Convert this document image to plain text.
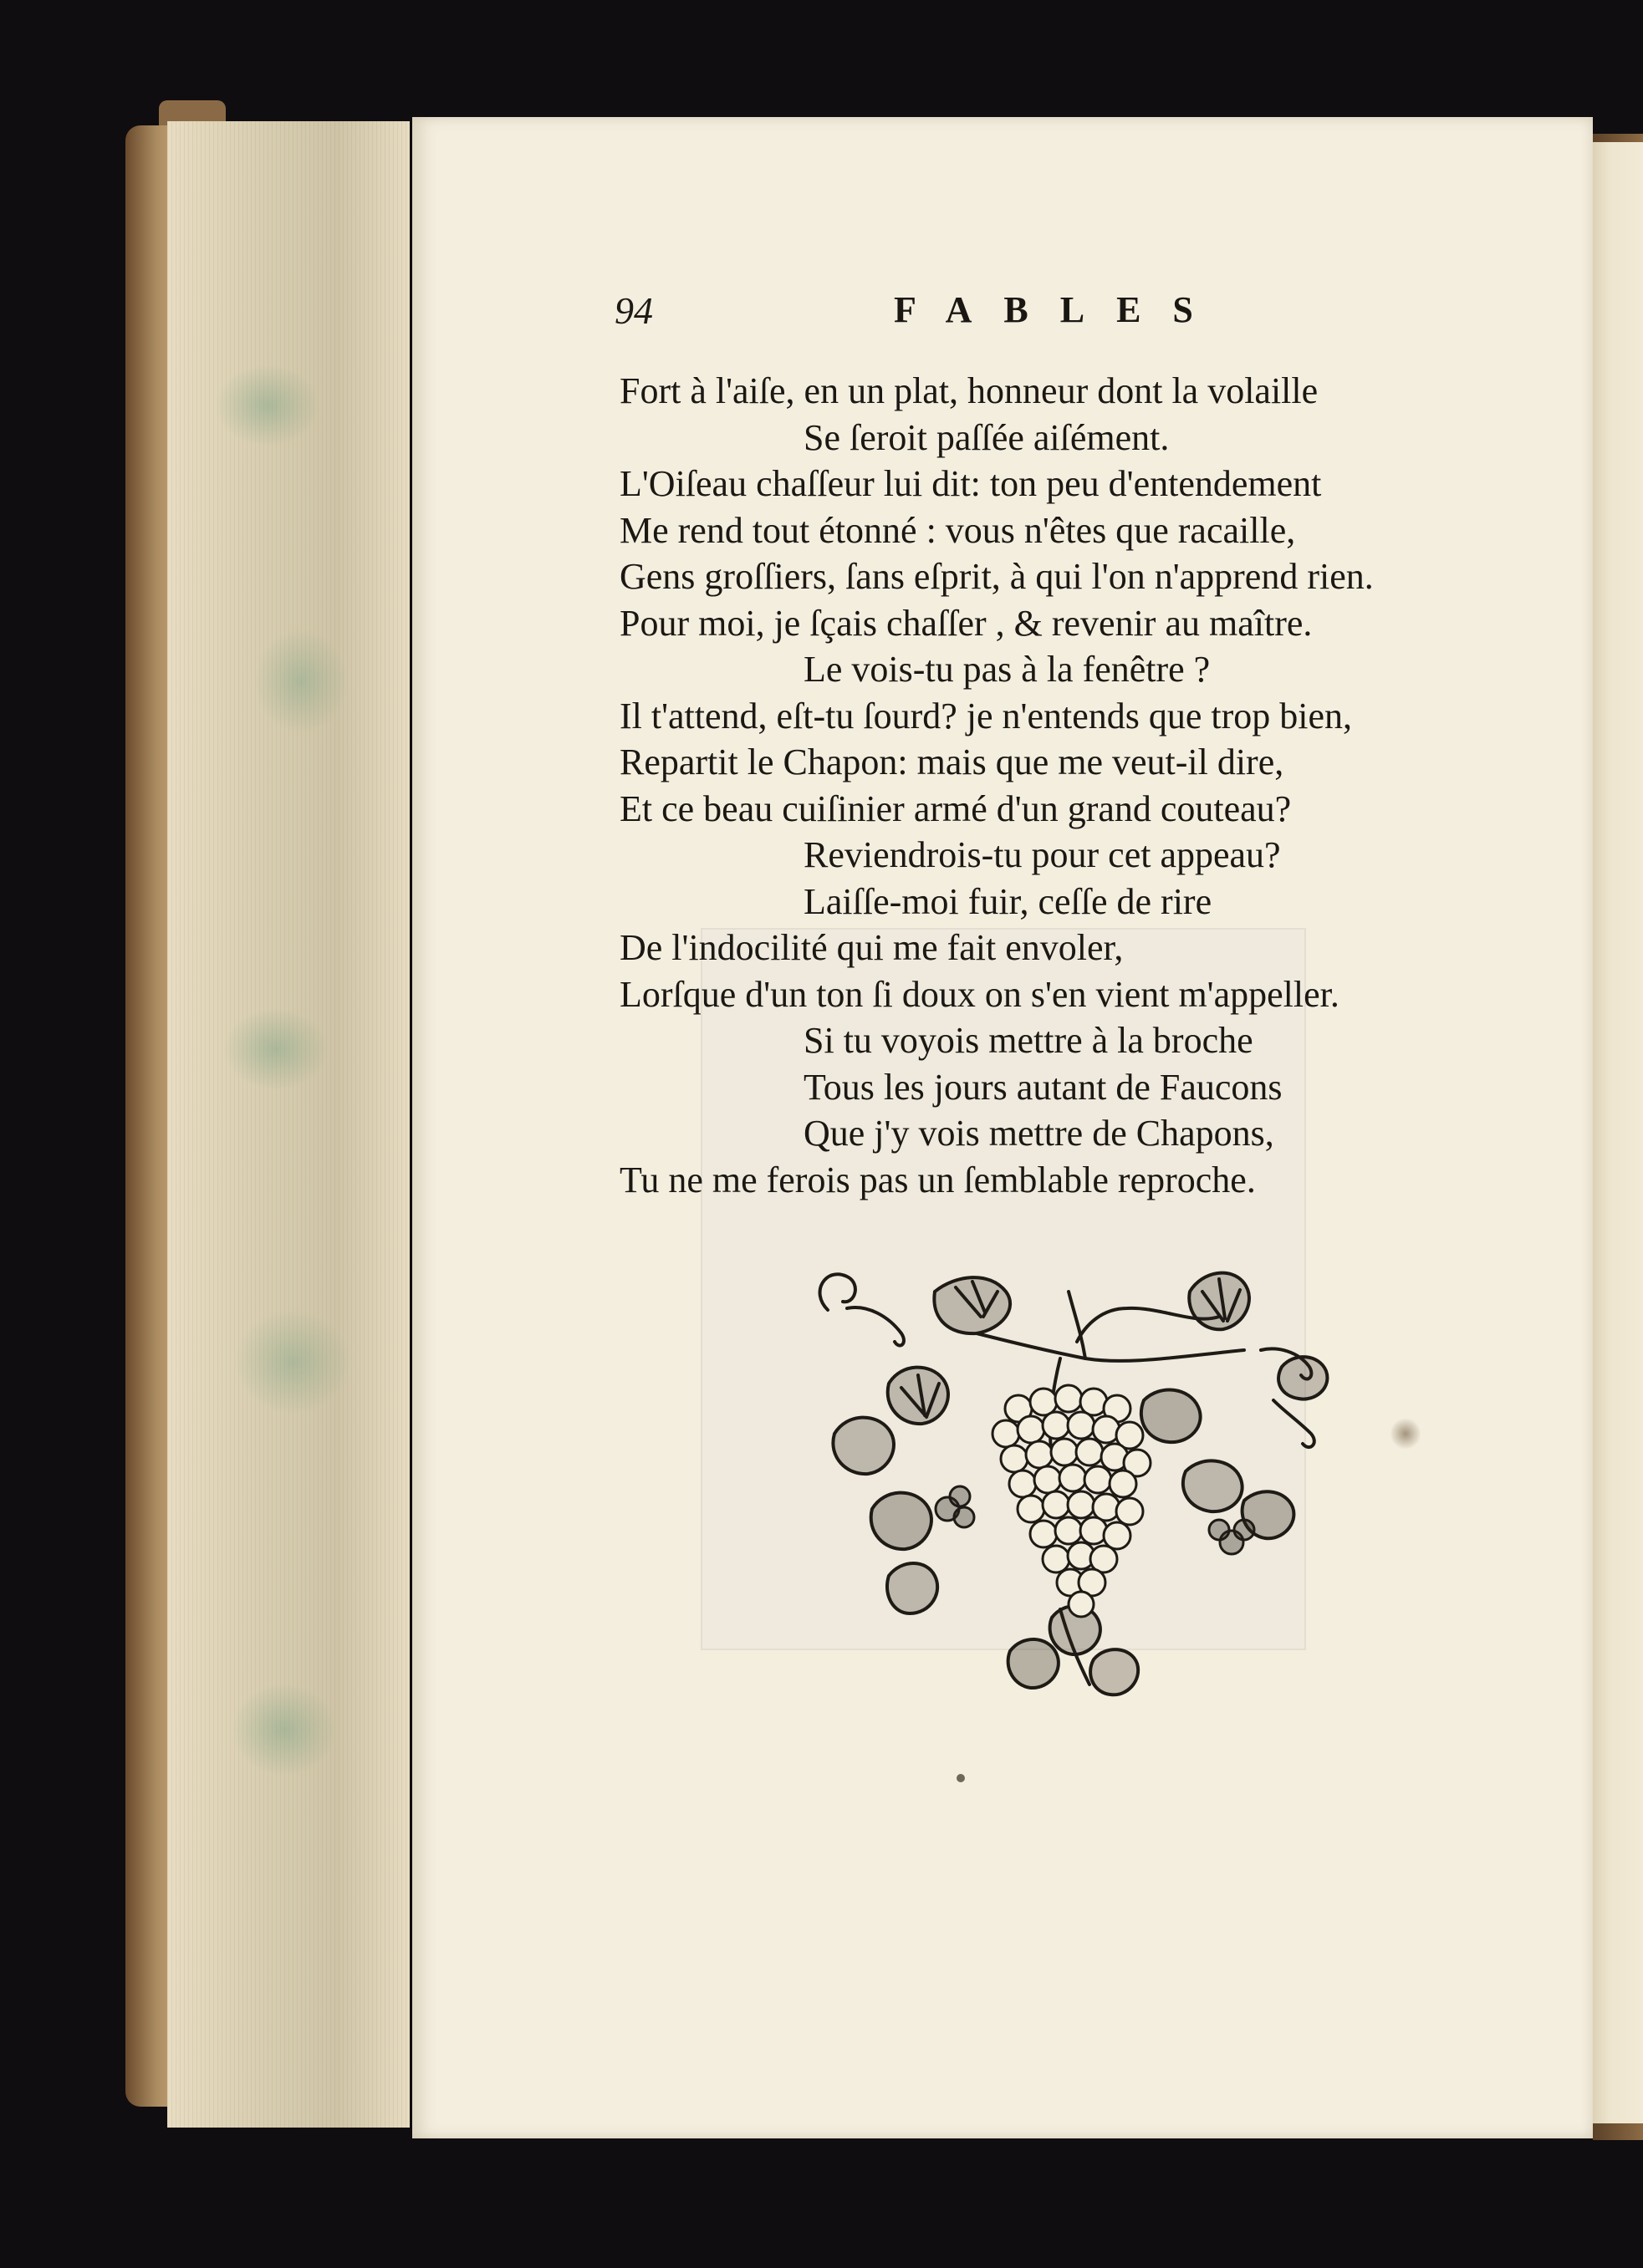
94	FABLES
Fort à l'aiſe, en un plat, honneur dont la volaille
Se ſeroit paſſée aiſément.
L'Oiſeau chaſſeur lui dit: ton peu d'entendement
Me rend tout étonné : vous n'êtes que racaille,
Gens groſſiers, ſans eſprit, à qui l'on n'apprend rien.
Pour moi, je ſçais chaſſer , & revenir au maître.
Le vois-tu pas à la fenêtre ?
Il t'attend, eſt-tu ſourd? je n'entends que trop bien,
Repartit le Chapon: mais que me veut-il dire,
Et ce beau cuiſinier armé d'un grand couteau?
Reviendrois-tu pour cet appeau?
Laiſſe-moi fuir, ceſſe de rire
De l'indocilité qui me fait envoler,
Lorſque d'un ton ſi doux on s'en vient m'appeller.
Si tu voyois mettre à la broche
Tous les jours autant de Faucons
Que j'y vois mettre de Chapons,
Tu ne me ferois pas un ſemblable reproche.
